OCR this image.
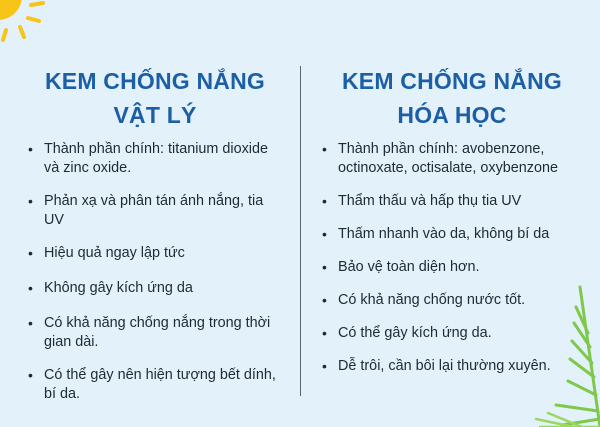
KEM CHỐNG NẮNG
VẬT LÝ
• Thành phần chính: titanium dioxide và zinc oxide.
• Phản xạ và phân tán ánh nắng, tia UV
• Hiệu quả ngay lập tức
• Không gây kích ứng da
• Có khả năng chống nắng trong thời gian dài.
• Có thể gây nên hiện tượng bết dính, bí da.
KEM CHỐNG NẮNG
HÓA HỌC
• Thành phần chính: avobenzone, octinoxate, octisalate, oxybenzone
• Thẩm thấu và hấp thụ tia UV
• Thấm nhanh vào da, không bí da
• Bảo vệ toàn diện hơn.
• Có khả năng chống nước tốt.
• Có thể gây kích ứng da.
• Dễ trôi, cần bôi lại thường xuyên.
